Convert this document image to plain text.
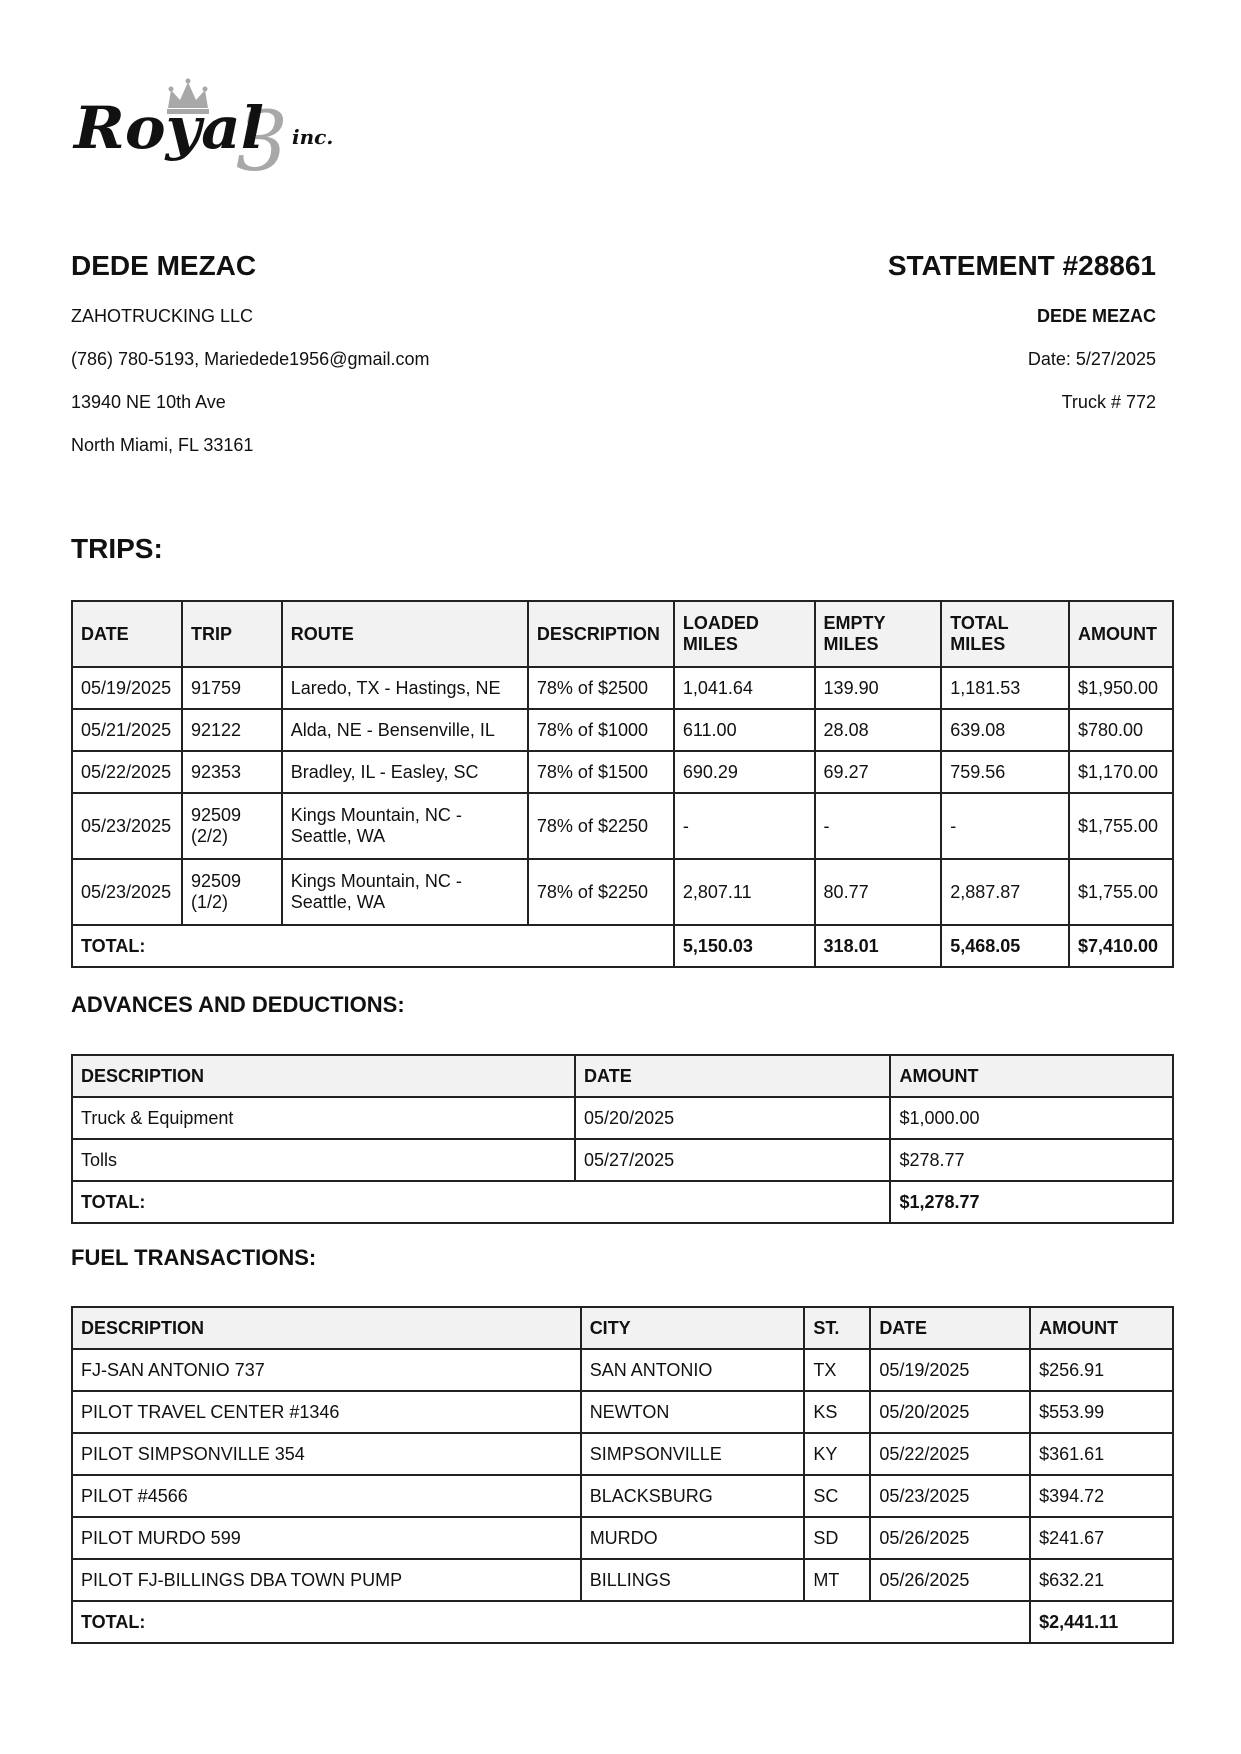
3
Royal inc.
DEDE MEZAC
ZAHOTRUCKING LLC
(786) 780-5193, Mariedede1956@gmail.com
13940 NE 10th Ave
North Miami, FL 33161
STATEMENT #28861
DEDE MEZAC
Date: 5/27/2025
Truck # 772
TRIPS:
DATE	TRIP	ROUTE	DESCRIPTION	LOADED MILES	EMPTY MILES	TOTAL MILES	AMOUNT
05/19/2025	91759	Laredo, TX - Hastings, NE	78% of $2500	1,041.64	139.90	1,181.53	$1,950.00
05/21/2025	92122	Alda, NE - Bensenville, IL	78% of $1000	611.00	28.08	639.08	$780.00
05/22/2025	92353	Bradley, IL - Easley, SC	78% of $1500	690.29	69.27	759.56	$1,170.00
05/23/2025	92509 (2/2)	Kings Mountain, NC - Seattle, WA	78% of $2250	-	-	-	$1,755.00
05/23/2025	92509 (1/2)	Kings Mountain, NC - Seattle, WA	78% of $2250	2,807.11	80.77	2,887.87	$1,755.00
TOTAL:				5,150.03	318.01	5,468.05	$7,410.00
ADVANCES AND DEDUCTIONS:
DESCRIPTION	DATE	AMOUNT
Truck & Equipment	05/20/2025	$1,000.00
Tolls	05/27/2025	$278.77
TOTAL:		$1,278.77
FUEL TRANSACTIONS:
DESCRIPTION	CITY	ST.	DATE	AMOUNT
FJ-SAN ANTONIO 737	SAN ANTONIO	TX	05/19/2025	$256.91
PILOT TRAVEL CENTER #1346	NEWTON	KS	05/20/2025	$553.99
PILOT SIMPSONVILLE 354	SIMPSONVILLE	KY	05/22/2025	$361.61
PILOT #4566	BLACKSBURG	SC	05/23/2025	$394.72
PILOT MURDO 599	MURDO	SD	05/26/2025	$241.67
PILOT FJ-BILLINGS DBA TOWN PUMP	BILLINGS	MT	05/26/2025	$632.21
TOTAL:				$2,441.11
